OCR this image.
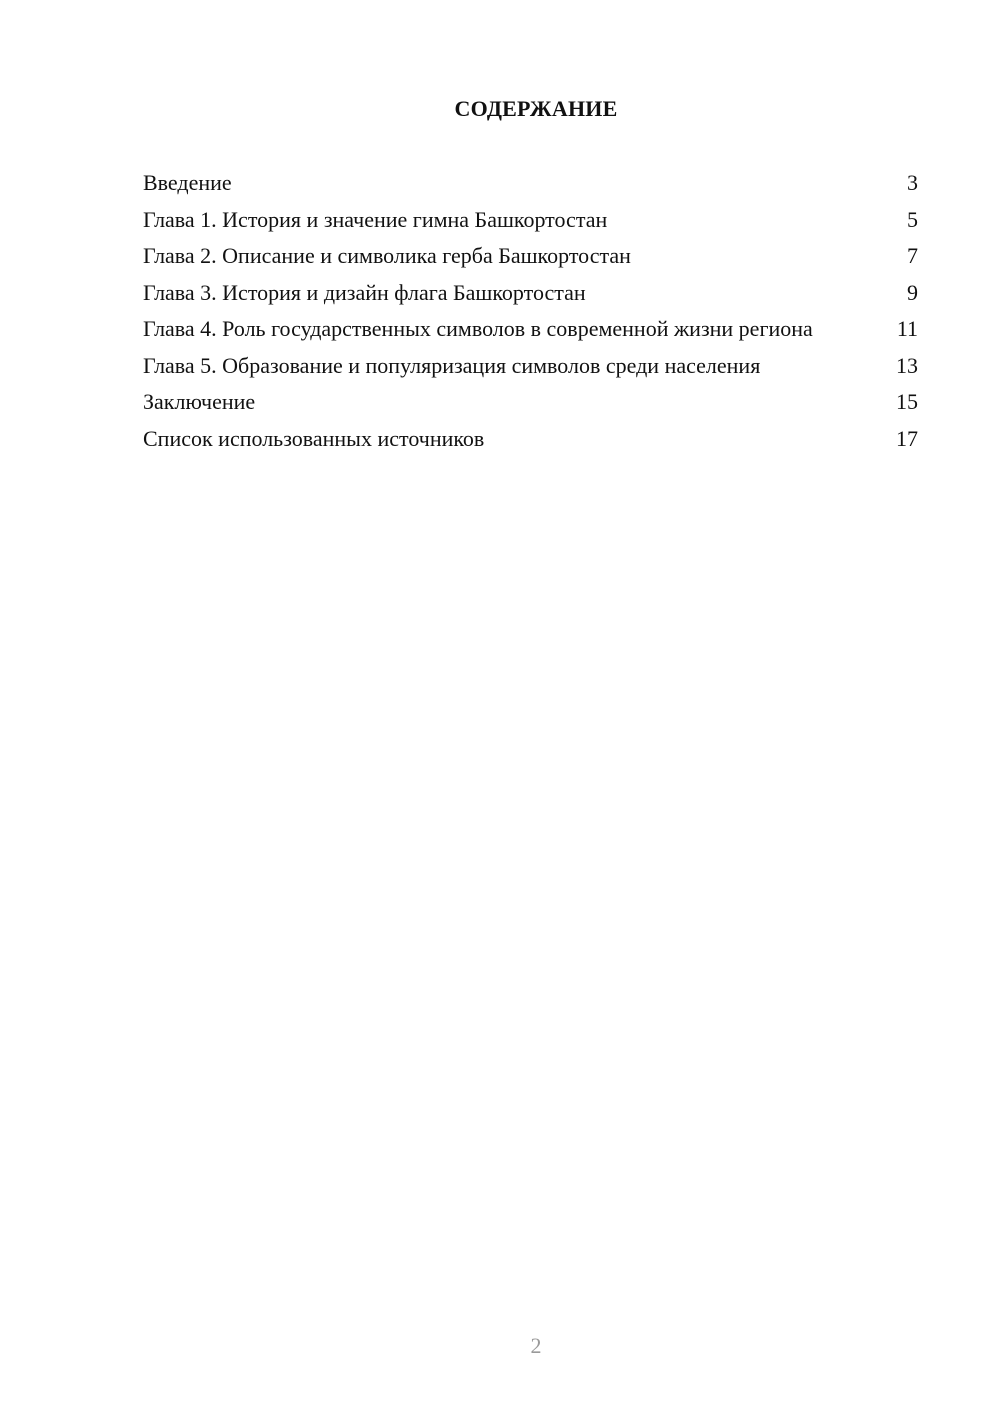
СОДЕРЖАНИЕ
Введение	3
Глава 1. История и значение гимна Башкортостан	5
Глава 2. Описание и символика герба Башкортостан	7
Глава 3. История и дизайн флага Башкортостан	9
Глава 4. Роль государственных символов в современной жизни региона	11
Глава 5. Образование и популяризация символов среди населения	13
Заключение	15
Список использованных источников	17
2
